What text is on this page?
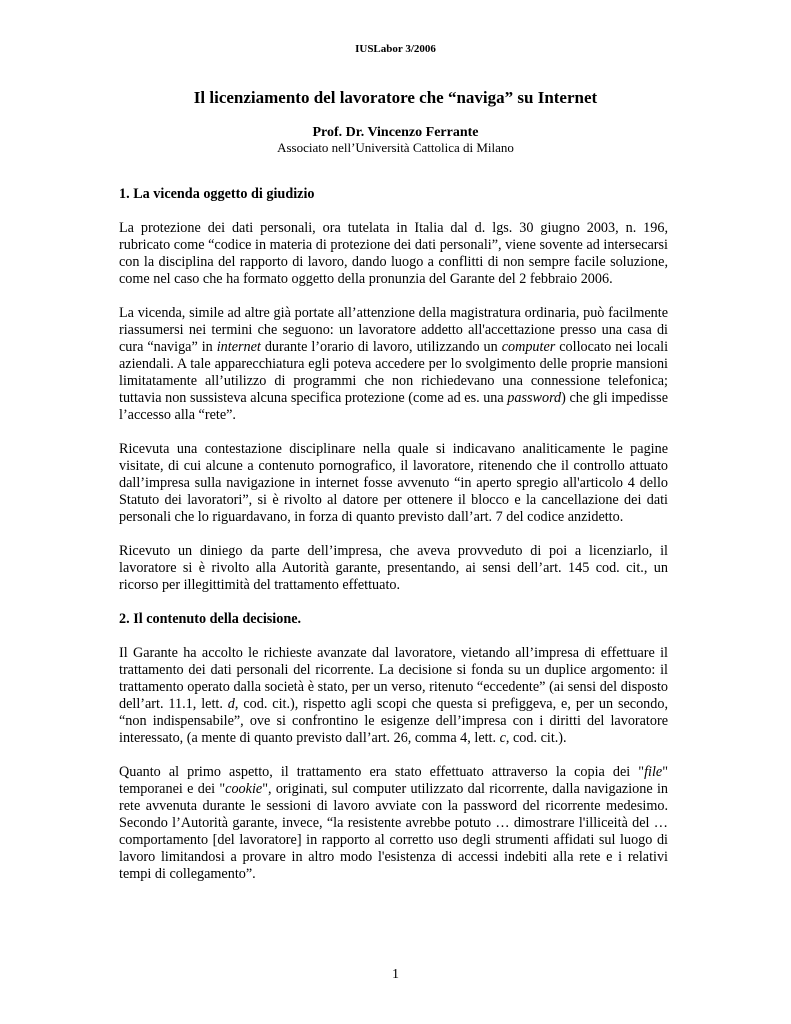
IUSLabor 3/2006
Il licenziamento del lavoratore che “naviga” su Internet
Prof. Dr. Vincenzo Ferrante
Associato nell’Università Cattolica di Milano
1. La vicenda oggetto di giudizio

La protezione dei dati personali, ora tutelata in Italia dal d. lgs. 30 giugno 2003, n. 196, rubricato come “codice in materia di protezione dei dati personali”, viene sovente ad intersecarsi con la disciplina del rapporto di lavoro, dando luogo a conflitti di non sempre facile soluzione, come nel caso che ha formato oggetto della pronunzia del Garante del 2 febbraio 2006.

La vicenda, simile ad altre già portate all’attenzione della magistratura ordinaria, può facilmente riassumersi nei termini che seguono: un lavoratore addetto all'accettazione presso una casa di cura “naviga” in internet durante l’orario di lavoro, utilizzando un computer collocato nei locali aziendali. A tale apparecchiatura egli poteva accedere per lo svolgimento delle proprie mansioni limitatamente all’utilizzo di programmi che non richiedevano una connessione telefonica; tuttavia non sussisteva alcuna specifica protezione (come ad es. una password) che gli impedisse l’accesso alla “rete”.

Ricevuta una contestazione disciplinare nella quale si indicavano analiticamente le pagine visitate, di cui alcune a contenuto pornografico, il lavoratore, ritenendo che il controllo attuato dall’impresa sulla navigazione in internet fosse avvenuto “in aperto spregio all'articolo 4 dello Statuto dei lavoratori”, si è rivolto al datore per ottenere il blocco e la cancellazione dei dati personali che lo riguardavano, in forza di quanto previsto dall’art. 7 del codice anzidetto.

Ricevuto un diniego da parte dell’impresa, che aveva provveduto di poi a licenziarlo, il lavoratore si è rivolto alla Autorità garante, presentando, ai sensi dell’art. 145 cod. cit., un ricorso per illegittimità del trattamento effettuato.

2. Il contenuto della decisione.

Il Garante ha accolto le richieste avanzate dal lavoratore, vietando all’impresa di effettuare il trattamento dei dati personali del ricorrente. La decisione si fonda su un duplice argomento: il trattamento operato dalla società è stato, per un verso, ritenuto “eccedente” (ai sensi del disposto dell’art. 11.1, lett. d, cod. cit.), rispetto agli scopi che questa si prefiggeva, e, per un secondo, “non indispensabile”, ove si confrontino le esigenze dell’impresa con i diritti del lavoratore interessato, (a mente di quanto previsto dall’art. 26, comma 4, lett. c, cod. cit.).

Quanto al primo aspetto, il trattamento era stato effettuato attraverso la copia dei "file" temporanei e dei "cookie", originati, sul computer utilizzato dal ricorrente, dalla navigazione in rete avvenuta durante le sessioni di lavoro avviate con la password del ricorrente medesimo. Secondo l’Autorità garante, invece, “la resistente avrebbe potuto … dimostrare l'illiceità del … comportamento [del lavoratore] in rapporto al corretto uso degli strumenti affidati sul luogo di lavoro limitandosi a provare in altro modo l'esistenza di accessi indebiti alla rete e i relativi tempi di collegamento”.

1
